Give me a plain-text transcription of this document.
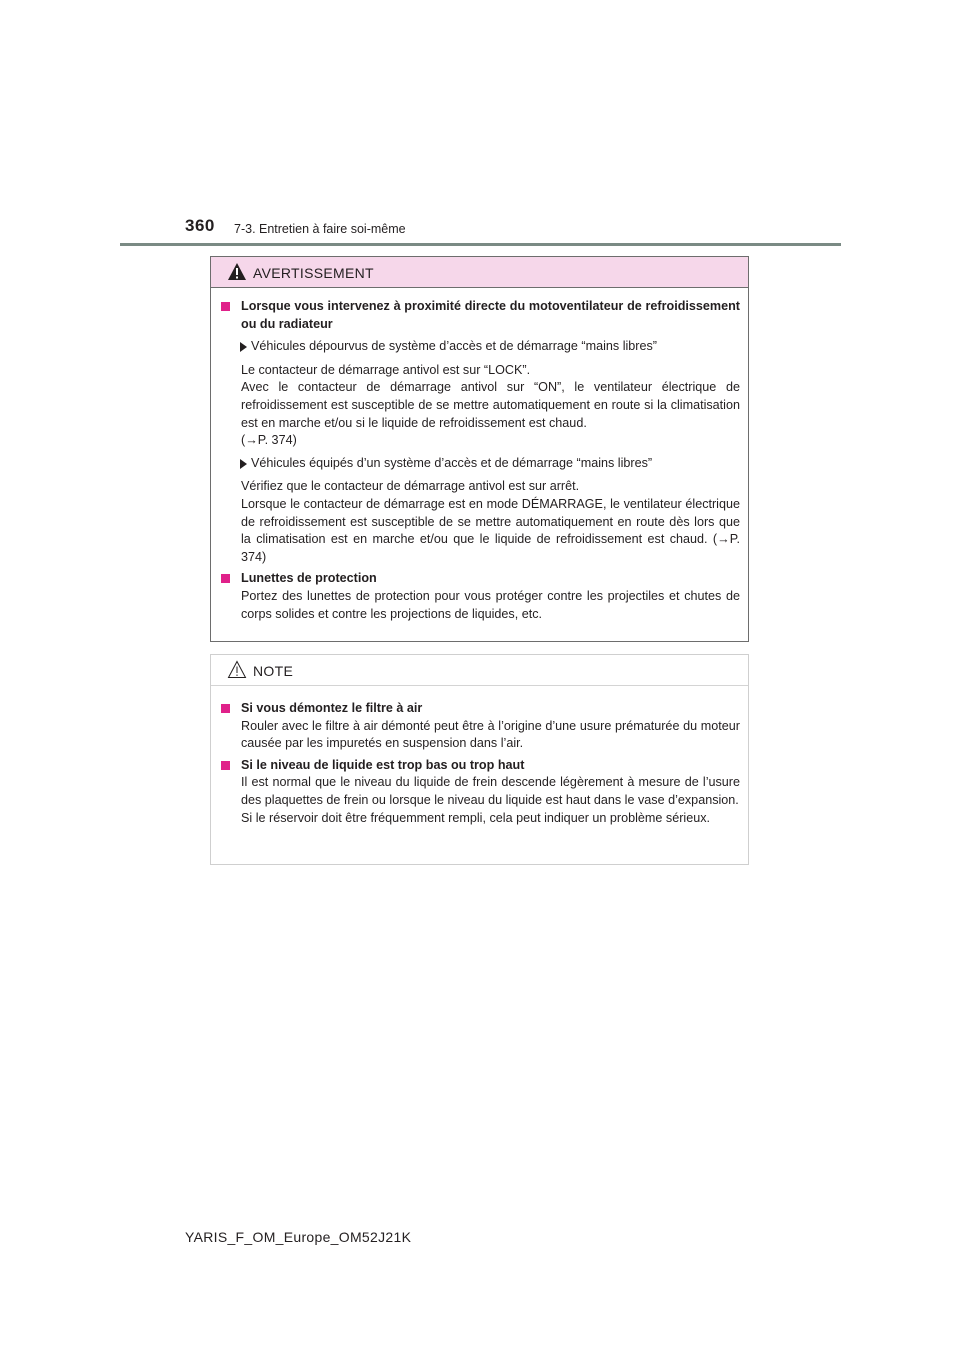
360 7-3. Entretien à faire soi-même
AVERTISSEMENT
Lorsque vous intervenez à proximité directe du motoventilateur de refroidissement ou du radiateur
Véhicules dépourvus de système d’accès et de démarrage “mains libres”

Le contacteur de démarrage antivol est sur “LOCK”.

Avec le contacteur de démarrage antivol sur “ON”, le ventilateur électrique de refroidissement est susceptible de se mettre automatiquement en route si la climatisation est en marche et/ou si le liquide de refroidissement est chaud.

(→P. 374)

Véhicules équipés d’un système d’accès et de démarrage “mains libres”

Vérifiez que le contacteur de démarrage antivol est sur arrêt.

Lorsque le contacteur de démarrage est en mode DÉMARRAGE, le ventilateur électrique de refroidissement est susceptible de se mettre automatiquement en route dès lors que la climatisation est en marche et/ou que le liquide de refroidissement est chaud. (→P. 374)

Lunettes de protection

Portez des lunettes de protection pour vous protéger contre les projectiles et chutes de corps solides et contre les projections de liquides, etc.

NOTE
Si vous démontez le filtre à air

Rouler avec le filtre à air démonté peut être à l’origine d’une usure prématurée du moteur causée par les impuretés en suspension dans l’air.

Si le niveau de liquide est trop bas ou trop haut

Il est normal que le niveau du liquide de frein descende légèrement à mesure de l’usure des plaquettes de frein ou lorsque le niveau du liquide est haut dans le vase d’expansion.

Si le réservoir doit être fréquemment rempli, cela peut indiquer un problème sérieux.

YARIS_F_OM_Europe_OM52J21K
